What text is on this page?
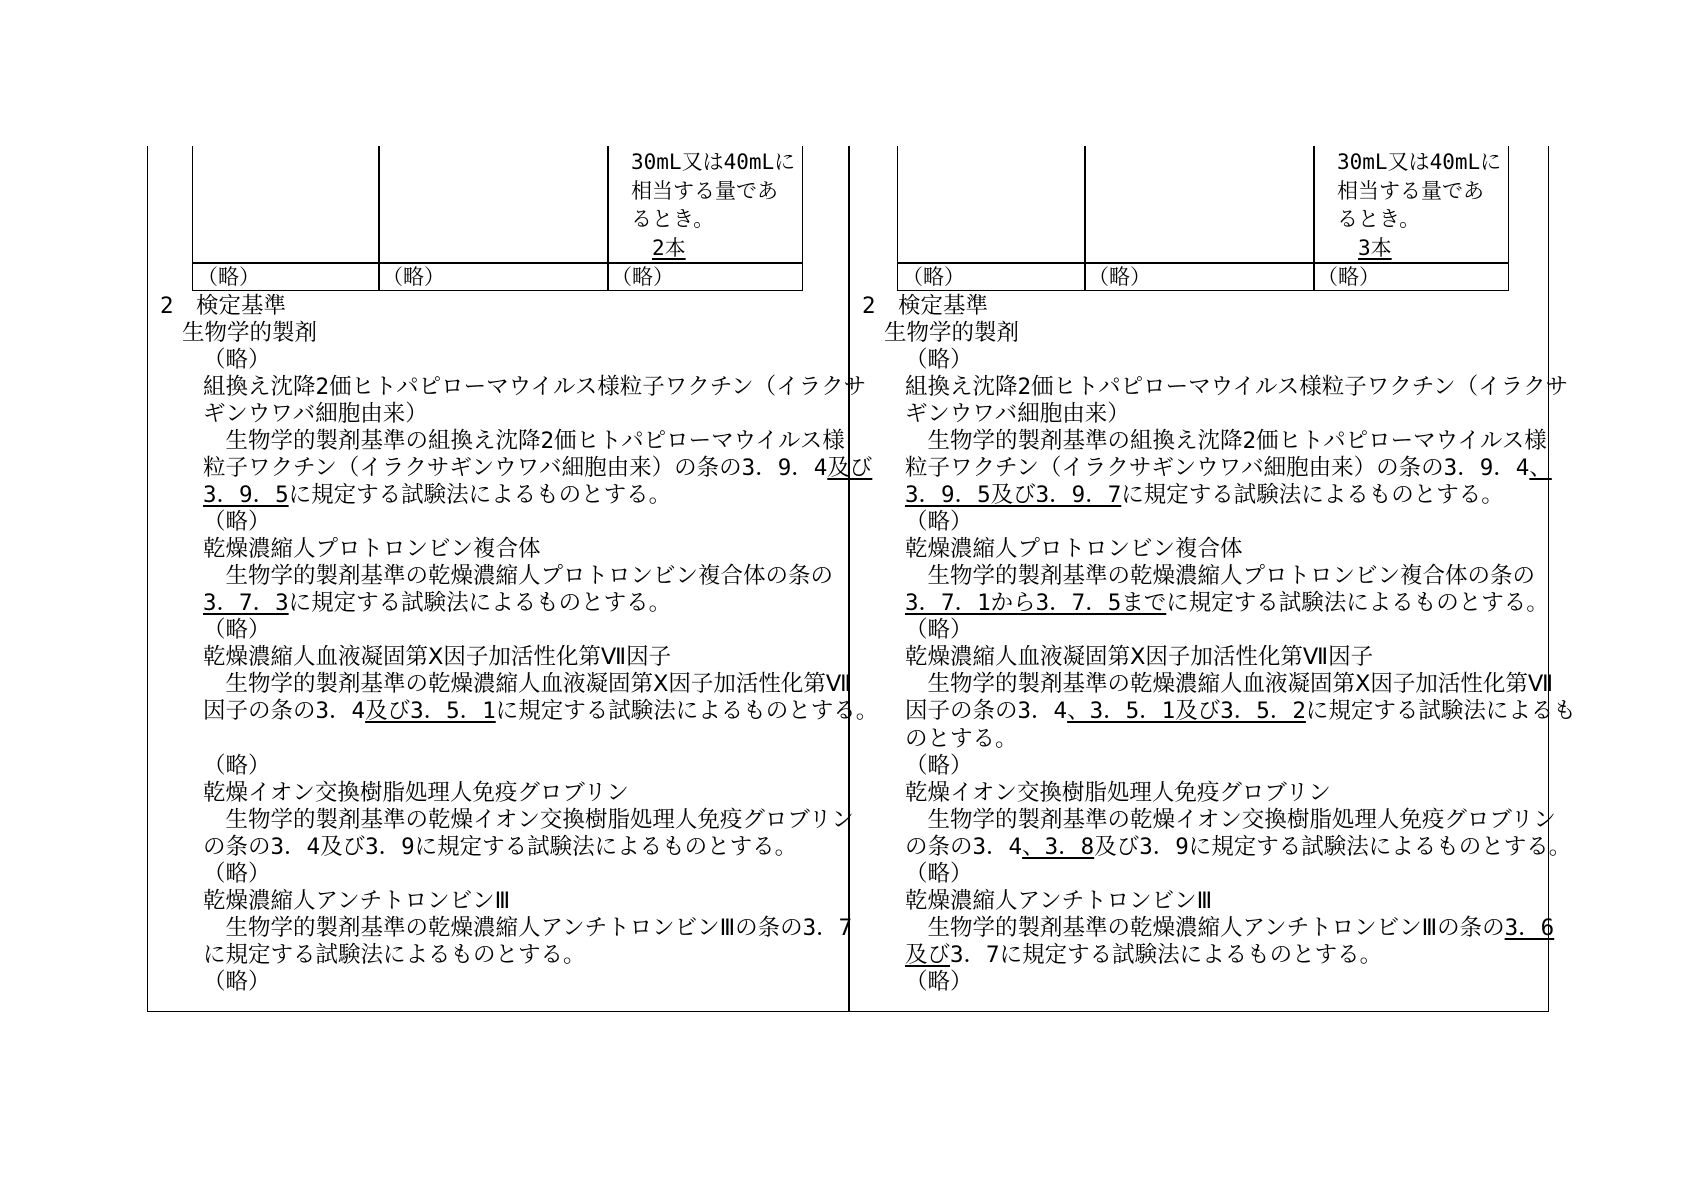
30mL又は40mLに
相当する量であ
るとき。
2本
（略）	（略）	（略）
30mL又は40mLに
相当する量であ
るとき。
3本
（略）	（略）	（略）
2　検定基準
生物学的製剤
（略）
組換え沈降2価ヒトパピローマウイルス様粒子ワクチン（イラクサ
ギンウワバ細胞由来）
　生物学的製剤基準の組換え沈降2価ヒトパピローマウイルス様
粒子ワクチン（イラクサギンウワバ細胞由来）の条の3．9．4及び
3．9．5に規定する試験法によるものとする。
（略）
乾燥濃縮人プロトロンビン複合体
　生物学的製剤基準の乾燥濃縮人プロトロンビン複合体の条の
3．7．3に規定する試験法によるものとする。
（略）
乾燥濃縮人血液凝固第Ⅹ因子加活性化第Ⅶ因子
　生物学的製剤基準の乾燥濃縮人血液凝固第Ⅹ因子加活性化第Ⅶ
因子の条の3．4及び3．5．1に規定する試験法によるものとする。
（略）
乾燥イオン交換樹脂処理人免疫グロブリン
　生物学的製剤基準の乾燥イオン交換樹脂処理人免疫グロブリン
の条の3．4及び3．9に規定する試験法によるものとする。
（略）
乾燥濃縮人アンチトロンビンⅢ
　生物学的製剤基準の乾燥濃縮人アンチトロンビンⅢの条の3．7
に規定する試験法によるものとする。
（略）
2　検定基準
生物学的製剤
（略）
組換え沈降2価ヒトパピローマウイルス様粒子ワクチン（イラクサ
ギンウワバ細胞由来）
　生物学的製剤基準の組換え沈降2価ヒトパピローマウイルス様
粒子ワクチン（イラクサギンウワバ細胞由来）の条の3．9．4、
3．9．5及び3．9．7に規定する試験法によるものとする。
（略）
乾燥濃縮人プロトロンビン複合体
　生物学的製剤基準の乾燥濃縮人プロトロンビン複合体の条の
3．7．1から3．7．5までに規定する試験法によるものとする。
（略）
乾燥濃縮人血液凝固第Ⅹ因子加活性化第Ⅶ因子
　生物学的製剤基準の乾燥濃縮人血液凝固第Ⅹ因子加活性化第Ⅶ
因子の条の3．4、3．5．1及び3．5．2に規定する試験法によるも
のとする。
（略）
乾燥イオン交換樹脂処理人免疫グロブリン
　生物学的製剤基準の乾燥イオン交換樹脂処理人免疫グロブリン
の条の3．4、3．8及び3．9に規定する試験法によるものとする。
（略）
乾燥濃縮人アンチトロンビンⅢ
　生物学的製剤基準の乾燥濃縮人アンチトロンビンⅢの条の3．6
及び3．7に規定する試験法によるものとする。
（略）
